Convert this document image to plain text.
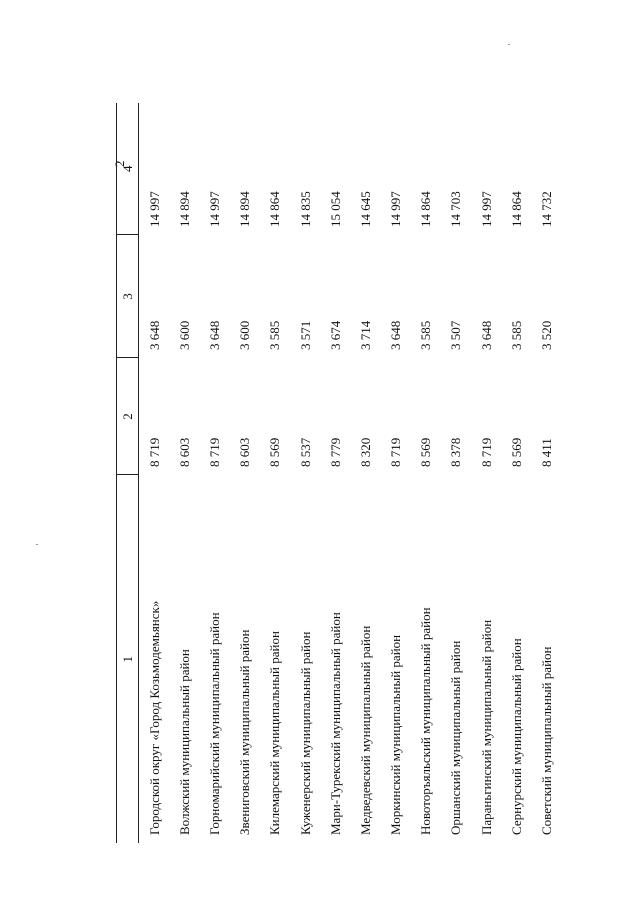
2
1	2	3	4
Городской округ «Город Козьмодемьянск»	8 719	3 648	14 997
Волжский муниципальный район	8 603	3 600	14 894
Горномарийский муниципальный район	8 719	3 648	14 997
Звениговский муниципальный район	8 603	3 600	14 894
Килемарский муниципальный район	8 569	3 585	14 864
Куженерский муниципальный район	8 537	3 571	14 835
Мари-Турекский муниципальный район	8 779	3 674	15 054
Медведевский муниципальный район	8 320	3 714	14 645
Моркинский муниципальный район	8 719	3 648	14 997
Новоторъяльский муниципальный район	8 569	3 585	14 864
Оршанский муниципальный район	8 378	3 507	14 703
Параньгинский муниципальный район	8 719	3 648	14 997
Сернурский муниципальный район	8 569	3 585	14 864
Советский муниципальный район	8 411	3 520	14 732
